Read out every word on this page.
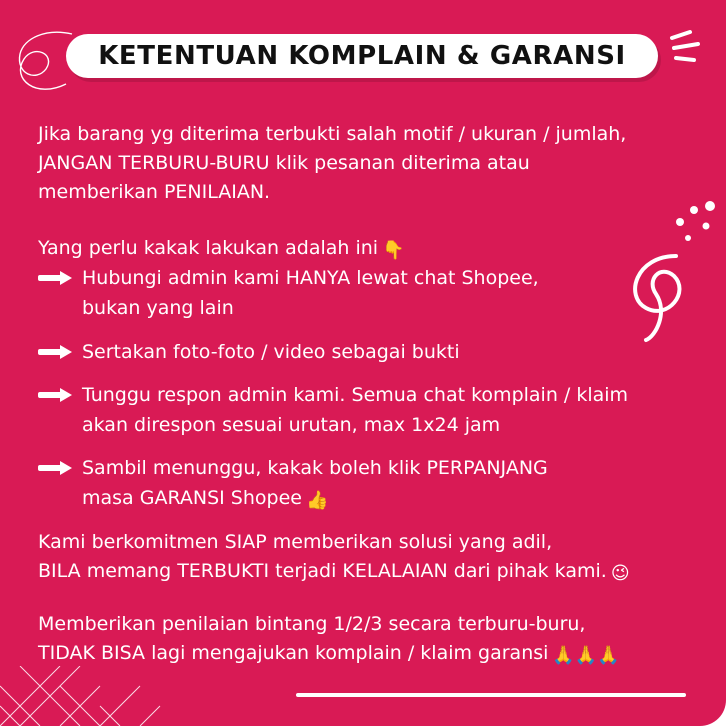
KETENTUAN KOMPLAIN & GARANSI
Jika barang yg diterima terbukti salah motif / ukuran / jumlah,
JANGAN TERBURU-BURU klik pesanan diterima atau
memberikan PENILAIAN.
Yang perlu kakak lakukan adalah ini 👇
Hubungi admin kami HANYA lewat chat Shopee,
bukan yang lain
Sertakan foto-foto / video sebagai bukti
Tunggu respon admin kami. Semua chat komplain / klaim
akan direspon sesuai urutan, max 1x24 jam
Sambil menunggu, kakak boleh klik PERPANJANG
masa GARANSI Shopee 👍
Kami berkomitmen SIAP memberikan solusi yang adil,
BILA memang TERBUKTI terjadi KELALAIAN dari pihak kami. 😉
Memberikan penilaian bintang 1/2/3 secara terburu-buru,
TIDAK BISA lagi mengajukan komplain / klaim garansi 🙏🙏🙏
